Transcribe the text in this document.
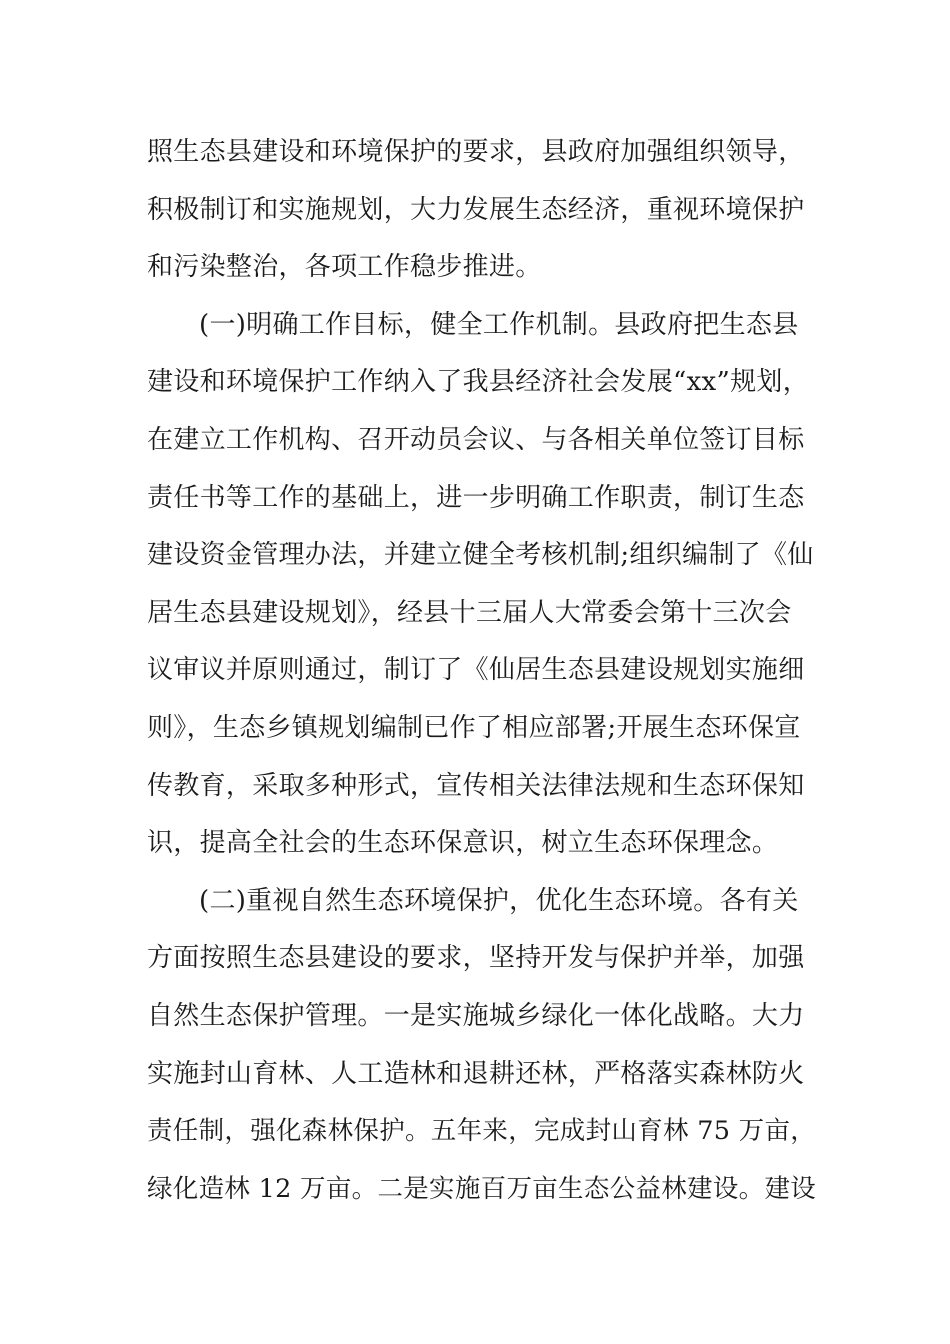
照生态县建设和环境保护的要求，县政府加强组织领导，
积极制订和实施规划，大力发展生态经济，重视环境保护
和污染整治，各项工作稳步推进。
(一)明确工作目标，健全工作机制。县政府把生态县
建设和环境保护工作纳入了我县经济社会发展“xx”规划，
在建立工作机构、召开动员会议、与各相关单位签订目标
责任书等工作的基础上，进一步明确工作职责，制订生态
建设资金管理办法，并建立健全考核机制;组织编制了《仙
居生态县建设规划》，经县十三届人大常委会第十三次会
议审议并原则通过，制订了《仙居生态县建设规划实施细
则》，生态乡镇规划编制已作了相应部署;开展生态环保宣
传教育，采取多种形式，宣传相关法律法规和生态环保知
识，提高全社会的生态环保意识，树立生态环保理念。
(二)重视自然生态环境保护，优化生态环境。各有关
方面按照生态县建设的要求，坚持开发与保护并举，加强
自然生态保护管理。一是实施城乡绿化一体化战略。大力
实施封山育林、人工造林和退耕还林，严格落实森林防火
责任制，强化森林保护。五年来，完成封山育林 75 万亩，
绿化造林 12 万亩。二是实施百万亩生态公益林建设。建设
